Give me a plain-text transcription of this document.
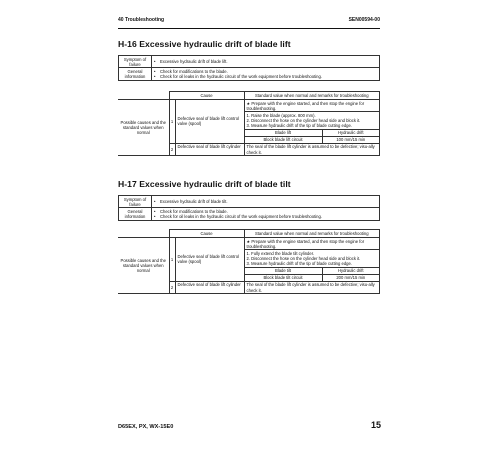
40 Troubleshooting	SEN00594-00
H-16 Excessive hydraulic drift of blade lift
Symptom of failure	• Excessive hydraulic drift of blade lift.
General information	• Check for modifications to the blade.
• Check for oil leaks in the hydraulic circuit of the work equipment before troubleshooting.
	Cause		Standard value when normal and remarks for troubleshooting	
Possible causes and the standard values when normal	1	Defective seal of blade lift control valve (spool)	★ Prepare with the engine started, and then stop the engine for troubleshooting.	

			1. Raise the blade (approx. 800 mm).
2. Disconnect the hose on the cylinder head side and block it.
3. Measure hydraulic drift of the tip of blade cutting edge.	

			Blade lift	Hydraulic drift
			Block blade lift circuit	100 mm/15 min
	2	Defective seal of blade lift cylinder	The seal of the blade lift cylinder is assumed to be defective; visu-ally check it.	
H-17 Excessive hydraulic drift of blade tilt
Symptom of failure	• Excessive hydraulic drift of blade tilt.
General information	• Check for modifications to the blade.
• Check for oil leaks in the hydraulic circuit of the work equipment before troubleshooting.
	Cause		Standard value when normal and remarks for troubleshooting	
Possible causes and the standard values when normal	1	Defective seal of blade lift control valve (spool)	★ Prepare with the engine started, and then stop the engine for troubleshooting.	

			1. Fully extend the blade tilt cylinder.
2. Disconnect the hose on the cylinder head side and block it.
3. Measure hydraulic drift of the tip of blade cutting edge.	

			Blade tilt	Hydraulic drift
			Block blade tilt circuit	200 mm/15 min
	2	Defective seal of blade lift cylinder	The seal of the blade lift cylinder is assumed to be defective; visu-ally check it.	
D65EX, PX, WX-15E0	15
